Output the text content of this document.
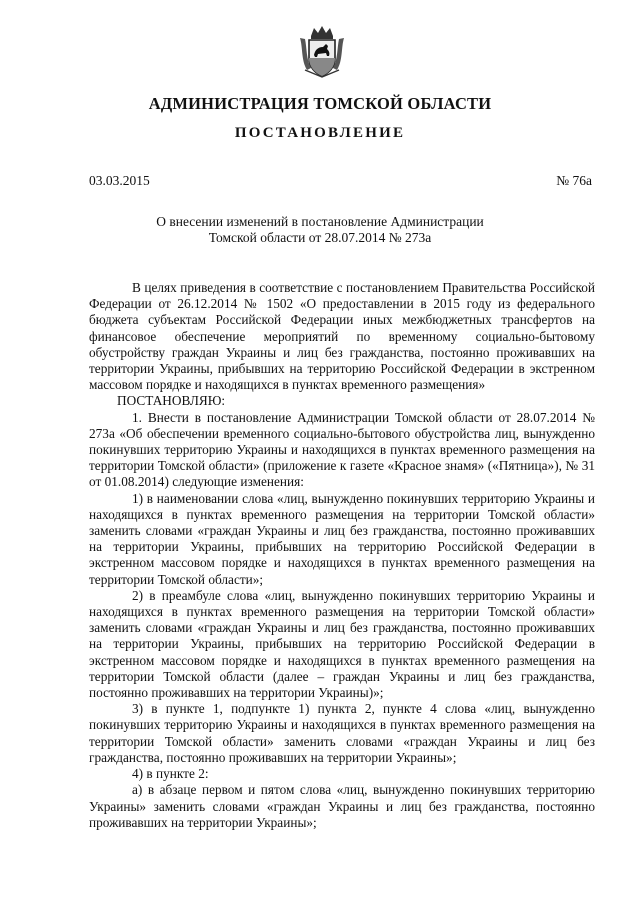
АДМИНИСТРАЦИЯ ТОМСКОЙ ОБЛАСТИ
ПОСТАНОВЛЕНИЕ
03.03.2015	№ 76а
О внесении изменений в постановление Администрации
Томской области от 28.07.2014 № 273а

В целях приведения в соответствие с постановлением Правительства Российской Федерации от 26.12.2014 № 1502 «О предоставлении в 2015 году из федерального бюджета субъектам Российской Федерации иных межбюджетных трансфертов на финансовое обеспечение мероприятий по временному социально-бытовому обустройству граждан Украины и лиц без гражданства, постоянно проживавших на территории Украины, прибывших на территорию Российской Федерации в экстренном массовом порядке и находящихся в пунктах временного размещения»

ПОСТАНОВЛЯЮ:

1. Внести в постановление Администрации Томской области от 28.07.2014 № 273а «Об обеспечении временного социально-бытового обустройства лиц, вынужденно покинувших территорию Украины и находящихся в пунктах временного размещения на территории Томской области» (приложение к газете «Красное знамя» («Пятница»), № 31 от 01.08.2014) следующие изменения:

1) в наименовании слова «лиц, вынужденно покинувших территорию Украины и находящихся в пунктах временного размещения на территории Томской области» заменить словами «граждан Украины и лиц без гражданства, постоянно проживавших на территории Украины, прибывших на территорию Российской Федерации в экстренном массовом порядке и находящихся в пунктах временного размещения на территории Томской области»;

2) в преамбуле слова «лиц, вынужденно покинувших территорию Украины и находящихся в пунктах временного размещения на территории Томской области» заменить словами «граждан Украины и лиц без гражданства, постоянно проживавших на территории Украины, прибывших на территорию Российской Федерации в экстренном массовом порядке и находящихся в пунктах временного размещения на территории Томской области (далее – граждан Украины и лиц без гражданства, постоянно проживавших на территории Украины)»;

3) в пункте 1, подпункте 1) пункта 2, пункте 4 слова «лиц, вынужденно покинувших территорию Украины и находящихся в пунктах временного размещения на территории Томской области» заменить словами «граждан Украины и лиц без гражданства, постоянно проживавших на территории Украины»;

4) в пункте 2:

а) в абзаце первом и пятом слова «лиц, вынужденно покинувших территорию Украины» заменить словами «граждан Украины и лиц без гражданства, постоянно проживавших на территории Украины»;
